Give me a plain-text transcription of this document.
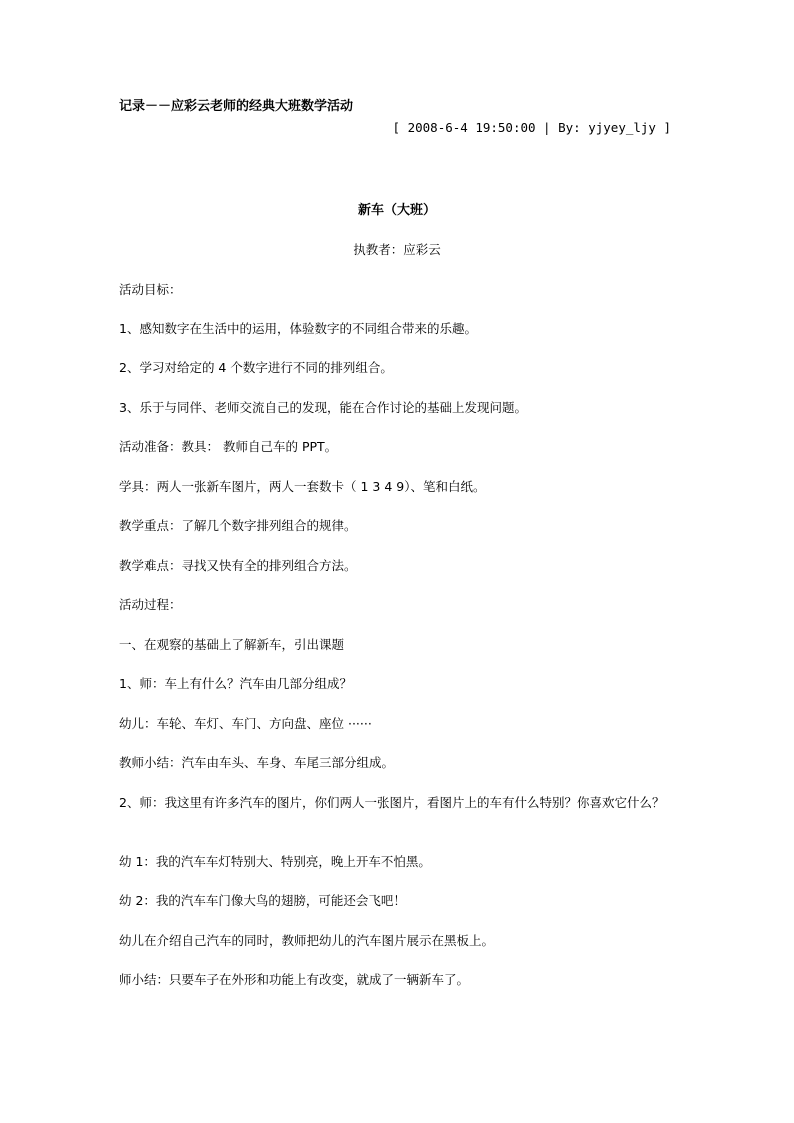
记录－－应彩云老师的经典大班数学活动
[ 2008-6-4 19:50:00 | By: yjyey_ljy ]
新车（大班）
执教者：应彩云
活动目标：
1、感知数字在生活中的运用，体验数字的不同组合带来的乐趣。
2、学习对给定的 4 个数字进行不同的排列组合。
3、乐于与同伴、老师交流自己的发现，能在合作讨论的基础上发现问题。
活动准备：教具： 教师自己车的 PPT。
学具：两人一张新车图片，两人一套数卡（ 1 3 4 9）、笔和白纸。
教学重点：了解几个数字排列组合的规律。
教学难点：寻找又快有全的排列组合方法。
活动过程：
一、在观察的基础上了解新车，引出课题
1、师：车上有什么？汽车由几部分组成？
幼儿：车轮、车灯、车门、方向盘、座位 ······
教师小结：汽车由车头、车身、车尾三部分组成。
2、师：我这里有许多汽车的图片，你们两人一张图片，看图片上的车有什么特别？你喜欢它什么？
幼 1：我的汽车车灯特别大、特别亮，晚上开车不怕黑。
幼 2：我的汽车车门像大鸟的翅膀，可能还会飞吧！
幼儿在介绍自己汽车的同时，教师把幼儿的汽车图片展示在黑板上。
师小结：只要车子在外形和功能上有改变，就成了一辆新车了。
